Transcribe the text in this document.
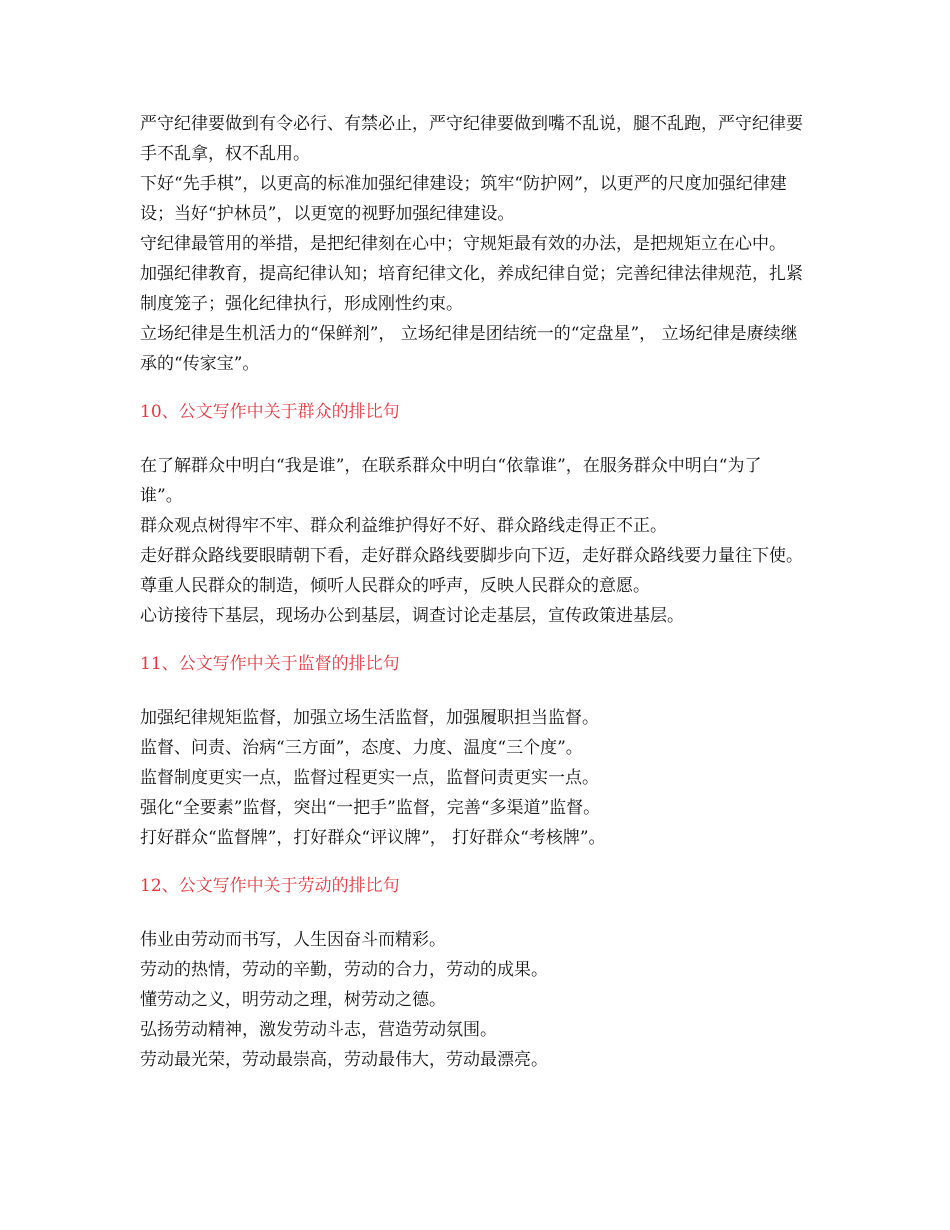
严守纪律要做到有令必行、有禁必止，严守纪律要做到嘴不乱说，腿不乱跑，严守纪律要手不乱拿，权不乱用。

下好“先手棋”，以更高的标准加强纪律建设；筑牢“防护网”，以更严的尺度加强纪律建设；当好“护林员”，以更宽的视野加强纪律建设。

守纪律最管用的举措，是把纪律刻在心中；守规矩最有效的办法，是把规矩立在心中。

加强纪律教育，提高纪律认知；培育纪律文化，养成纪律自觉；完善纪律法律规范，扎紧制度笼子；强化纪律执行，形成刚性约束。

立场纪律是生机活力的“保鲜剂”， 立场纪律是团结统一的“定盘星”， 立场纪律是赓续继承的“传家宝”。

10、公文写作中关于群众的排比句

在了解群众中明白“我是谁”，在联系群众中明白“依靠谁”，在服务群众中明白“为了谁”。

群众观点树得牢不牢、群众利益维护得好不好、群众路线走得正不正。

走好群众路线要眼睛朝下看，走好群众路线要脚步向下迈，走好群众路线要力量往下使。

尊重人民群众的制造，倾听人民群众的呼声，反映人民群众的意愿。

心访接待下基层，现场办公到基层，调查讨论走基层，宣传政策进基层。

11、公文写作中关于监督的排比句

加强纪律规矩监督，加强立场生活监督，加强履职担当监督。

监督、问责、治病“三方面”，态度、力度、温度“三个度”。

监督制度更实一点，监督过程更实一点，监督问责更实一点。

强化“全要素”监督，突出“一把手”监督，完善“多渠道”监督。

打好群众“监督牌”，打好群众“评议牌”， 打好群众“考核牌”。

12、公文写作中关于劳动的排比句

伟业由劳动而书写，人生因奋斗而精彩。

劳动的热情，劳动的辛勤，劳动的合力，劳动的成果。

懂劳动之义，明劳动之理，树劳动之德。

弘扬劳动精神，激发劳动斗志，营造劳动氛围。

劳动最光荣，劳动最崇高，劳动最伟大，劳动最漂亮。
